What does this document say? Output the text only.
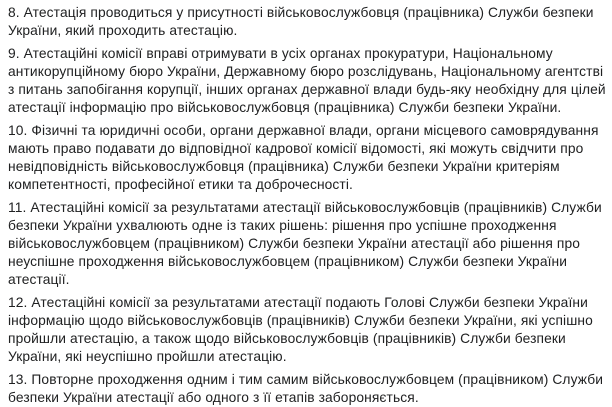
8. Атестація проводиться у присутності військовослужбовця (працівника) Служби безпеки України, який проходить атестацію.

9. Атестаційні комісії вправі отримувати в усіх органах прокуратури, Національному антикорупційному бюро України, Державному бюро розслідувань, Національному агентстві з питань запобігання корупції, інших органах державної влади будь-яку необхідну для цілей атестації інформацію про військовослужбовця (працівника) Служби безпеки України.

10. Фізичні та юридичні особи, органи державної влади, органи місцевого самоврядування мають право подавати до відповідної кадрової комісії відомості, які можуть свідчити про невідповідність військовослужбовця (працівника) Служби безпеки України критеріям компетентності, професійної етики та доброчесності.

11. Атестаційні комісії за результатами атестації військовослужбовців (працівників) Служби безпеки України ухвалюють одне із таких рішень: рішення про успішне проходження військовослужбовцем (працівником) Служби безпеки України атестації або рішення про неуспішне проходження військовослужбовцем (працівником) Служби безпеки України атестації.

12. Атестаційні комісії за результатами атестації подають Голові Служби безпеки України інформацію щодо військовослужбовців (працівників) Служби безпеки України, які успішно пройшли атестацію, а також щодо військовослужбовців (працівників) Служби безпеки України, які неуспішно пройшли атестацію.

13. Повторне проходження одним і тим самим військовослужбовцем (працівником) Служби безпеки України атестації або одного з її етапів забороняється.
